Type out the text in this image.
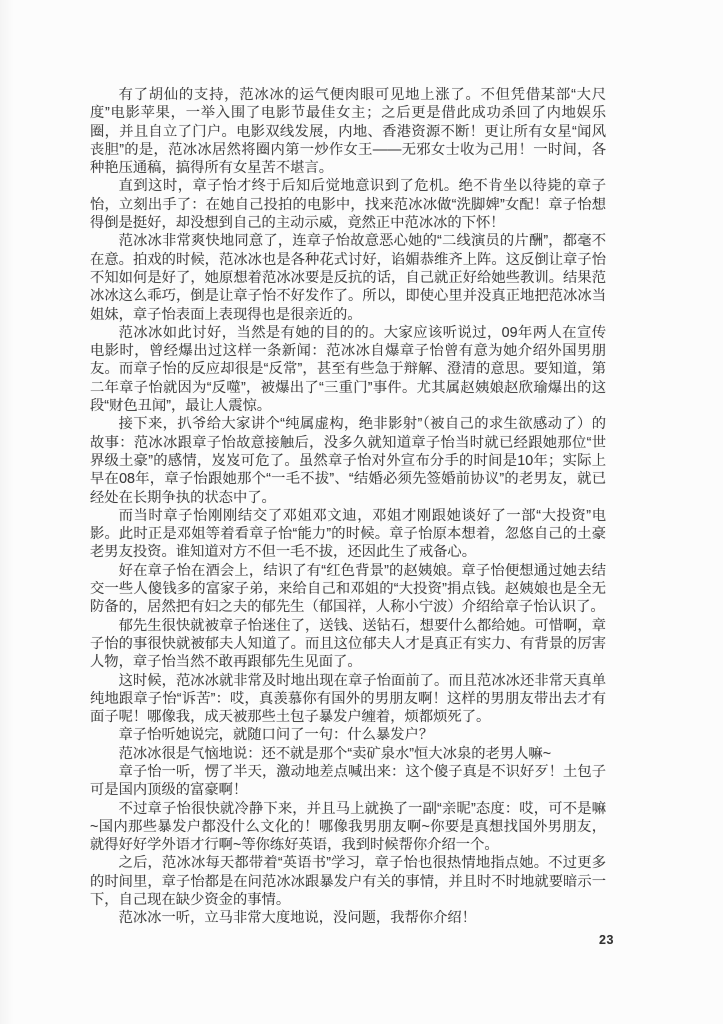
有了胡仙的支持，范冰冰的运气便肉眼可见地上涨了。不但凭借某部“大尺度”电影苹果，一举入围了电影节最佳女主；之后更是借此成功杀回了内地娱乐圈，并且自立了门户。电影双线发展，内地、香港资源不断！更让所有女星“闻风丧胆”的是，范冰冰居然将圈内第一炒作女王——无邪女士收为己用！一时间，各种艳压通稿，搞得所有女星苦不堪言。

直到这时，章子怡才终于后知后觉地意识到了危机。绝不肯坐以待毙的章子怡，立刻出手了：在她自己投拍的电影中，找来范冰冰做“洗脚婢”女配！章子怡想得倒是挺好，却没想到自己的主动示威，竟然正中范冰冰的下怀！

范冰冰非常爽快地同意了，连章子怡故意恶心她的“二线演员的片酬”，都毫不在意。拍戏的时候，范冰冰也是各种花式讨好，谄媚恭维齐上阵。这反倒让章子怡不知如何是好了，她原想着范冰冰要是反抗的话，自己就正好给她些教训。结果范冰冰这么乖巧，倒是让章子怡不好发作了。所以，即使心里并没真正地把范冰冰当姐妹，章子怡表面上表现得也是很亲近的。

范冰冰如此讨好，当然是有她的目的的。大家应该听说过，09年两人在宣传电影时，曾经爆出过这样一条新闻：范冰冰自爆章子怡曾有意为她介绍外国男朋友。而章子怡的反应却很是“反常”，甚至有些急于辩解、澄清的意思。要知道，第二年章子怡就因为“反噬”，被爆出了“三重门”事件。尤其属赵姨娘赵欣瑜爆出的这段“财色丑闻”，最让人震惊。

接下来，扒爷给大家讲个“纯属虚构，绝非影射”（被自己的求生欲感动了）的故事：范冰冰跟章子怡故意接触后，没多久就知道章子怡当时就已经跟她那位“世界级土豪”的感情，岌岌可危了。虽然章子怡对外宣布分手的时间是10年；实际上早在08年，章子怡跟她那个“一毛不拔”、“结婚必须先签婚前协议”的老男友，就已经处在长期争执的状态中了。

而当时章子怡刚刚结交了邓姐邓文迪，邓姐才刚跟她谈好了一部“大投资”电影。此时正是邓姐等着看章子怡“能力”的时候。章子怡原本想着，忽悠自己的土豪老男友投资。谁知道对方不但一毛不拔，还因此生了戒备心。

好在章子怡在酒会上，结识了有“红色背景”的赵姨娘。章子怡便想通过她去结交一些人傻钱多的富家子弟，来给自己和邓姐的“大投资”捐点钱。赵姨娘也是全无防备的，居然把有妇之夫的郁先生（郁国祥，人称小宁波）介绍给章子怡认识了。

郁先生很快就被章子怡迷住了，送钱、送钻石，想要什么都给她。可惜啊，章子怡的事很快就被郁夫人知道了。而且这位郁夫人才是真正有实力、有背景的厉害人物，章子怡当然不敢再跟郁先生见面了。

这时候，范冰冰就非常及时地出现在章子怡面前了。而且范冰冰还非常天真单纯地跟章子怡“诉苦”：哎，真羡慕你有国外的男朋友啊！这样的男朋友带出去才有面子呢！哪像我，成天被那些土包子暴发户缠着，烦都烦死了。

章子怡听她说完，就随口问了一句：什么暴发户？

范冰冰很是气恼地说：还不就是那个“卖矿泉水”恒大冰泉的老男人嘛~

章子怡一听，愣了半天，激动地差点喊出来：这个傻子真是不识好歹！土包子可是国内顶级的富豪啊！

不过章子怡很快就冷静下来，并且马上就换了一副“亲昵”态度：哎，可不是嘛~国内那些暴发户都没什么文化的！哪像我男朋友啊~你要是真想找国外男朋友，就得好好学外语才行啊~等你练好英语，我到时候帮你介绍一个。

之后，范冰冰每天都带着“英语书”学习，章子怡也很热情地指点她。不过更多的时间里，章子怡都是在问范冰冰跟暴发户有关的事情，并且时不时地就要暗示一下，自己现在缺少资金的事情。

范冰冰一听，立马非常大度地说，没问题，我帮你介绍！

23
